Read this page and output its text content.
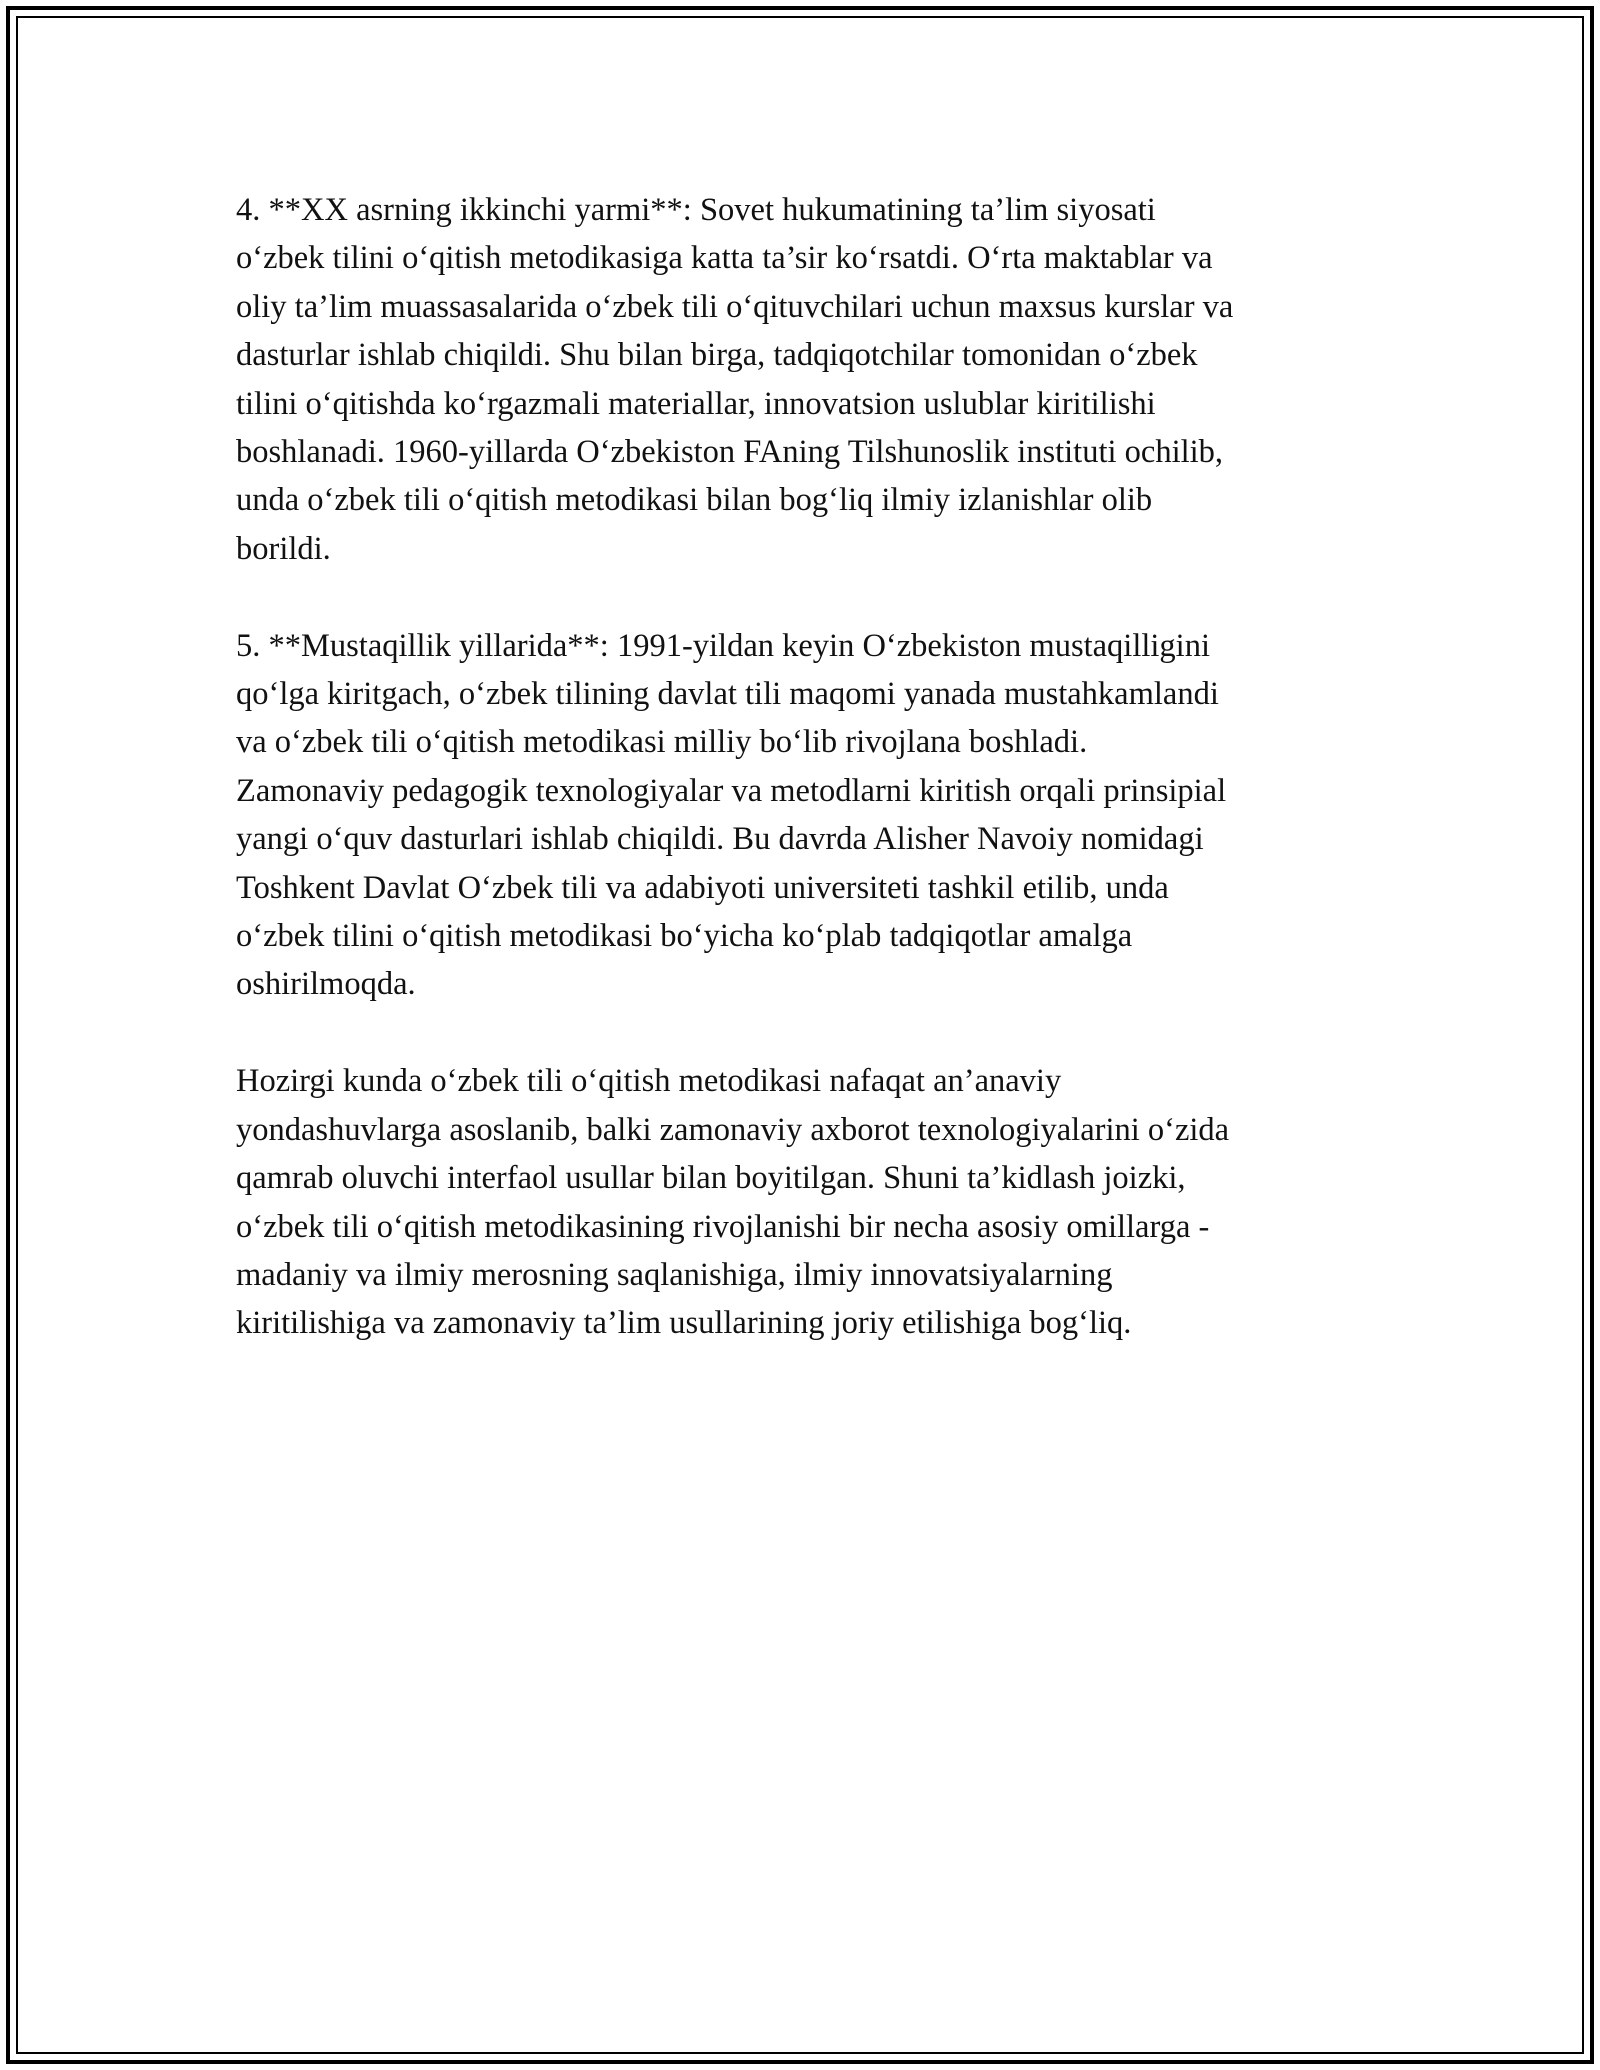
4. **XX asrning ikkinchi yarmi**: Sovet hukumatining ta’lim siyosati
o‘zbek tilini o‘qitish metodikasiga katta ta’sir ko‘rsatdi. O‘rta maktablar va
oliy ta’lim muassasalarida o‘zbek tili o‘qituvchilari uchun maxsus kurslar va
dasturlar ishlab chiqildi. Shu bilan birga, tadqiqotchilar tomonidan o‘zbek
tilini o‘qitishda ko‘rgazmali materiallar, innovatsion uslublar kiritilishi
boshlanadi. 1960-yillarda O‘zbekiston FAning Tilshunoslik instituti ochilib,
unda o‘zbek tili o‘qitish metodikasi bilan bog‘liq ilmiy izlanishlar olib
borildi.

5. **Mustaqillik yillarida**: 1991-yildan keyin O‘zbekiston mustaqilligini
qo‘lga kiritgach, o‘zbek tilining davlat tili maqomi yanada mustahkamlandi
va o‘zbek tili o‘qitish metodikasi milliy bo‘lib rivojlana boshladi.
Zamonaviy pedagogik texnologiyalar va metodlarni kiritish orqali prinsipial
yangi o‘quv dasturlari ishlab chiqildi. Bu davrda Alisher Navoiy nomidagi
Toshkent Davlat O‘zbek tili va adabiyoti universiteti tashkil etilib, unda
o‘zbek tilini o‘qitish metodikasi bo‘yicha ko‘plab tadqiqotlar amalga
oshirilmoqda.

Hozirgi kunda o‘zbek tili o‘qitish metodikasi nafaqat an’anaviy
yondashuvlarga asoslanib, balki zamonaviy axborot texnologiyalarini o‘zida
qamrab oluvchi interfaol usullar bilan boyitilgan. Shuni ta’kidlash joizki,
o‘zbek tili o‘qitish metodikasining rivojlanishi bir necha asosiy omillarga -
madaniy va ilmiy merosning saqlanishiga, ilmiy innovatsiyalarning
kiritilishiga va zamonaviy ta’lim usullarining joriy etilishiga bog‘liq.
